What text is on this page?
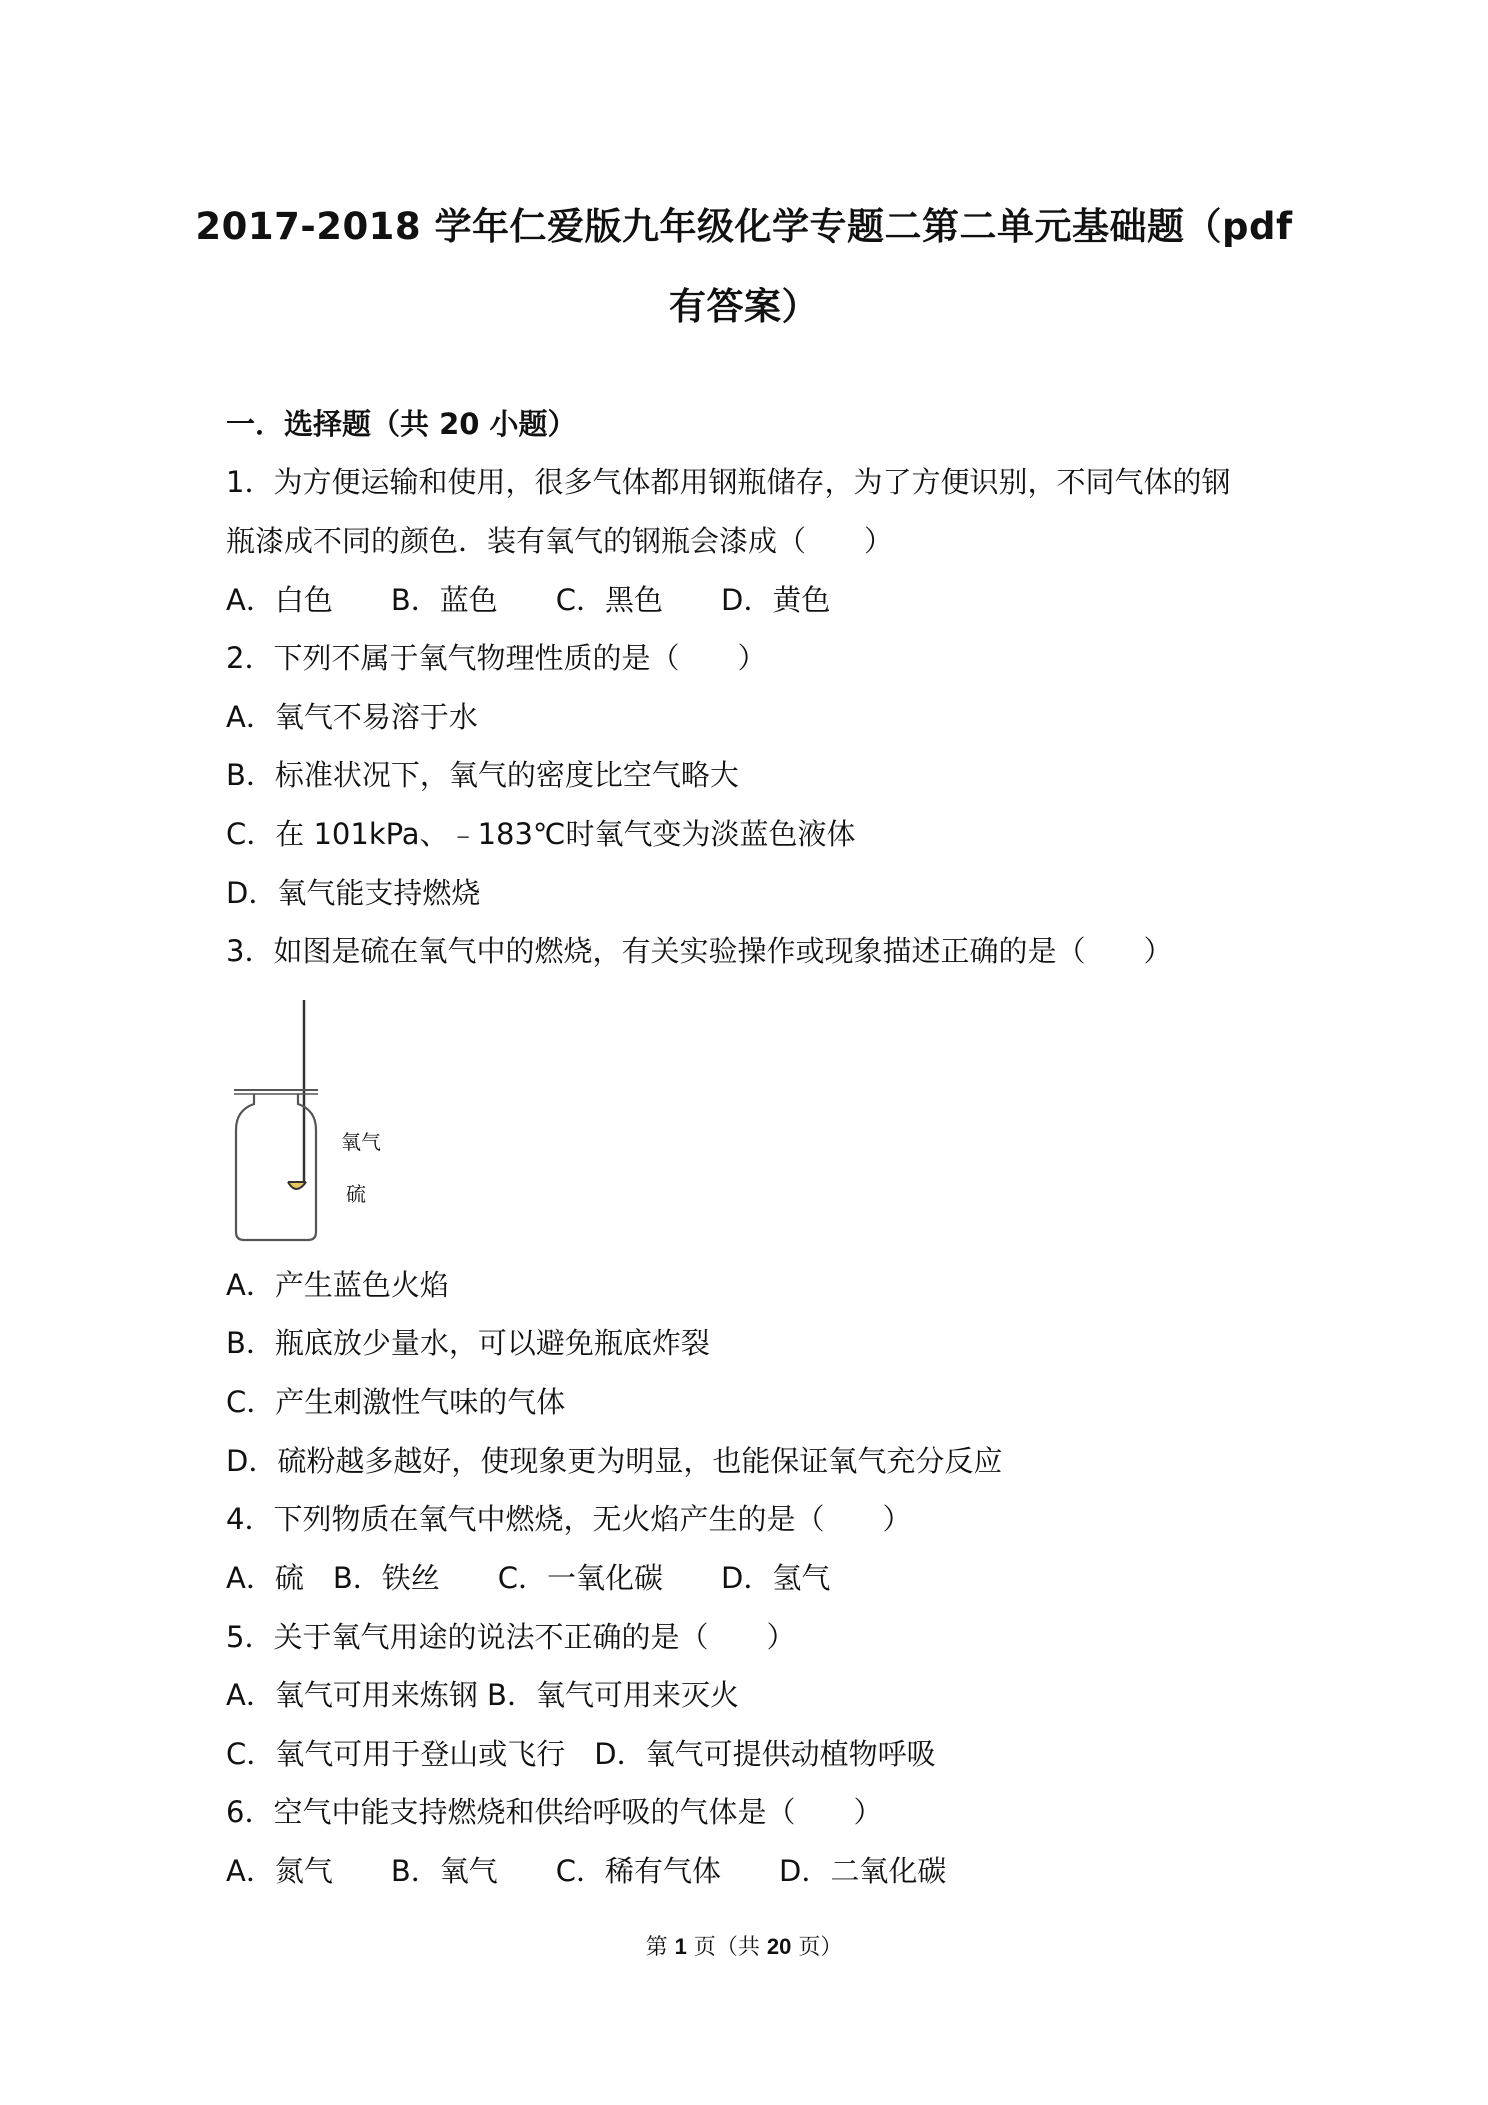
2017-2018 学年仁爱版九年级化学专题二第二单元基础题（pdf
有答案）
一．选择题（共 20 小题）
1．为方便运输和使用，很多气体都用钢瓶储存，为了方便识别，不同气体的钢
瓶漆成不同的颜色．装有氧气的钢瓶会漆成（　　）
A．白色　　B．蓝色　　C．黑色　　D．黄色
2．下列不属于氧气物理性质的是（　　）
A．氧气不易溶于水
B．标准状况下，氧气的密度比空气略大
C．在 101kPa、﹣183℃时氧气变为淡蓝色液体
D．氧气能支持燃烧
3．如图是硫在氧气中的燃烧，有关实验操作或现象描述正确的是（　　）
氧气
硫
A．产生蓝色火焰
B．瓶底放少量水，可以避免瓶底炸裂
C．产生刺激性气味的气体
D．硫粉越多越好，使现象更为明显，也能保证氧气充分反应
4．下列物质在氧气中燃烧，无火焰产生的是（　　）
A．硫　B．铁丝　　C．一氧化碳　　D．氢气
5．关于氧气用途的说法不正确的是（　　）
A．氧气可用来炼钢 B．氧气可用来灭火
C．氧气可用于登山或飞行　D．氧气可提供动植物呼吸
6．空气中能支持燃烧和供给呼吸的气体是（　　）
A．氮气　　B．氧气　　C．稀有气体　　D．二氧化碳
第 1 页（共 20 页）
